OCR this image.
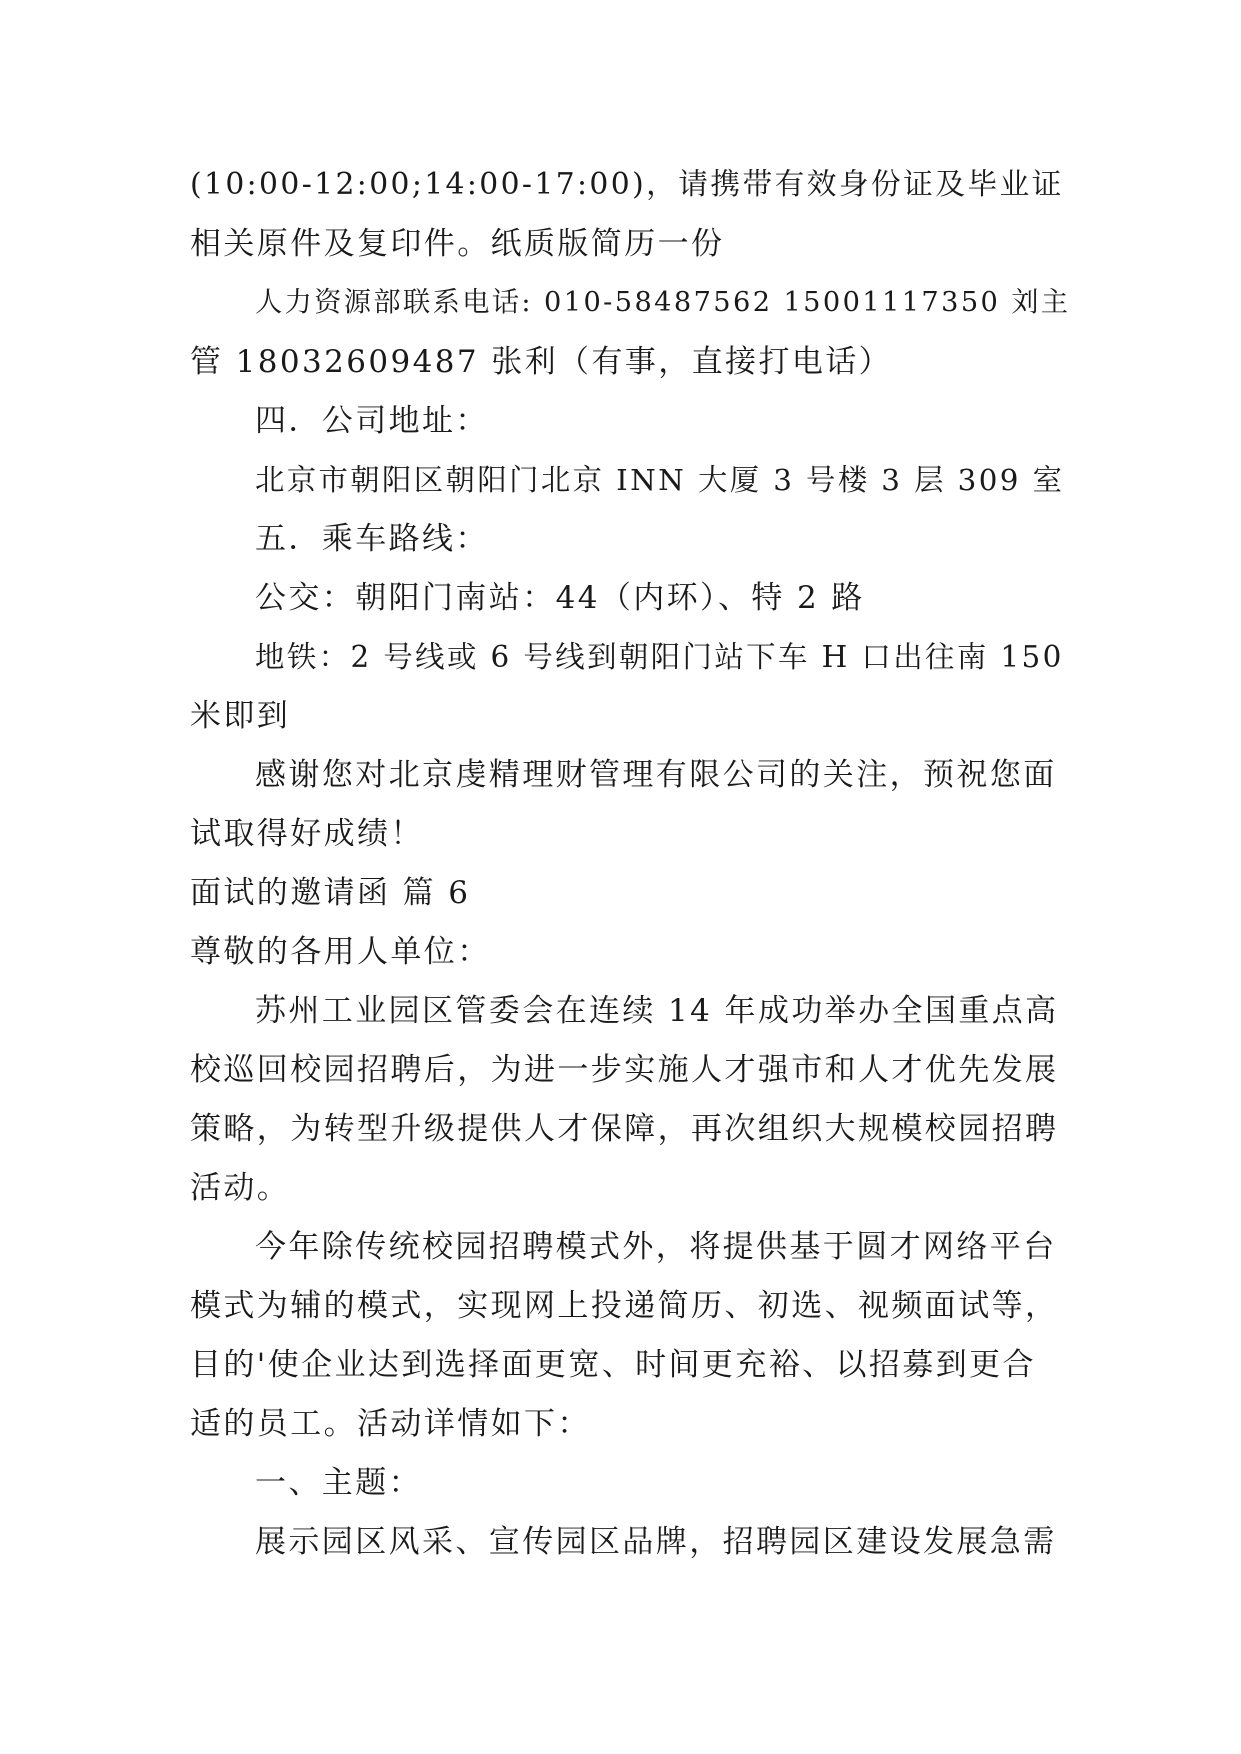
(10:00-12:00;14:00-17:00)，请携带有效身份证及毕业证
相关原件及复印件。纸质版简历一份
人力资源部联系电话: 010-58487562 15001117350 刘主
管 18032609487 张利（有事，直接打电话）
四．公司地址：
北京市朝阳区朝阳门北京 INN 大厦 3 号楼 3 层 309 室
五．乘车路线：
公交：朝阳门南站：44（内环）、特 2 路
地铁：2 号线或 6 号线到朝阳门站下车 H 口出往南 150
米即到
感谢您对北京虔精理财管理有限公司的关注，预祝您面
试取得好成绩！
面试的邀请函 篇 6
尊敬的各用人单位：
苏州工业园区管委会在连续 14 年成功举办全国重点高
校巡回校园招聘后，为进一步实施人才强市和人才优先发展
策略，为转型升级提供人才保障，再次组织大规模校园招聘
活动。
今年除传统校园招聘模式外，将提供基于圆才网络平台
模式为辅的模式，实现网上投递简历、初选、视频面试等，
目的'使企业达到选择面更宽、时间更充裕、以招募到更合
适的员工。活动详情如下：
一、主题：
展示园区风采、宣传园区品牌，招聘园区建设发展急需
